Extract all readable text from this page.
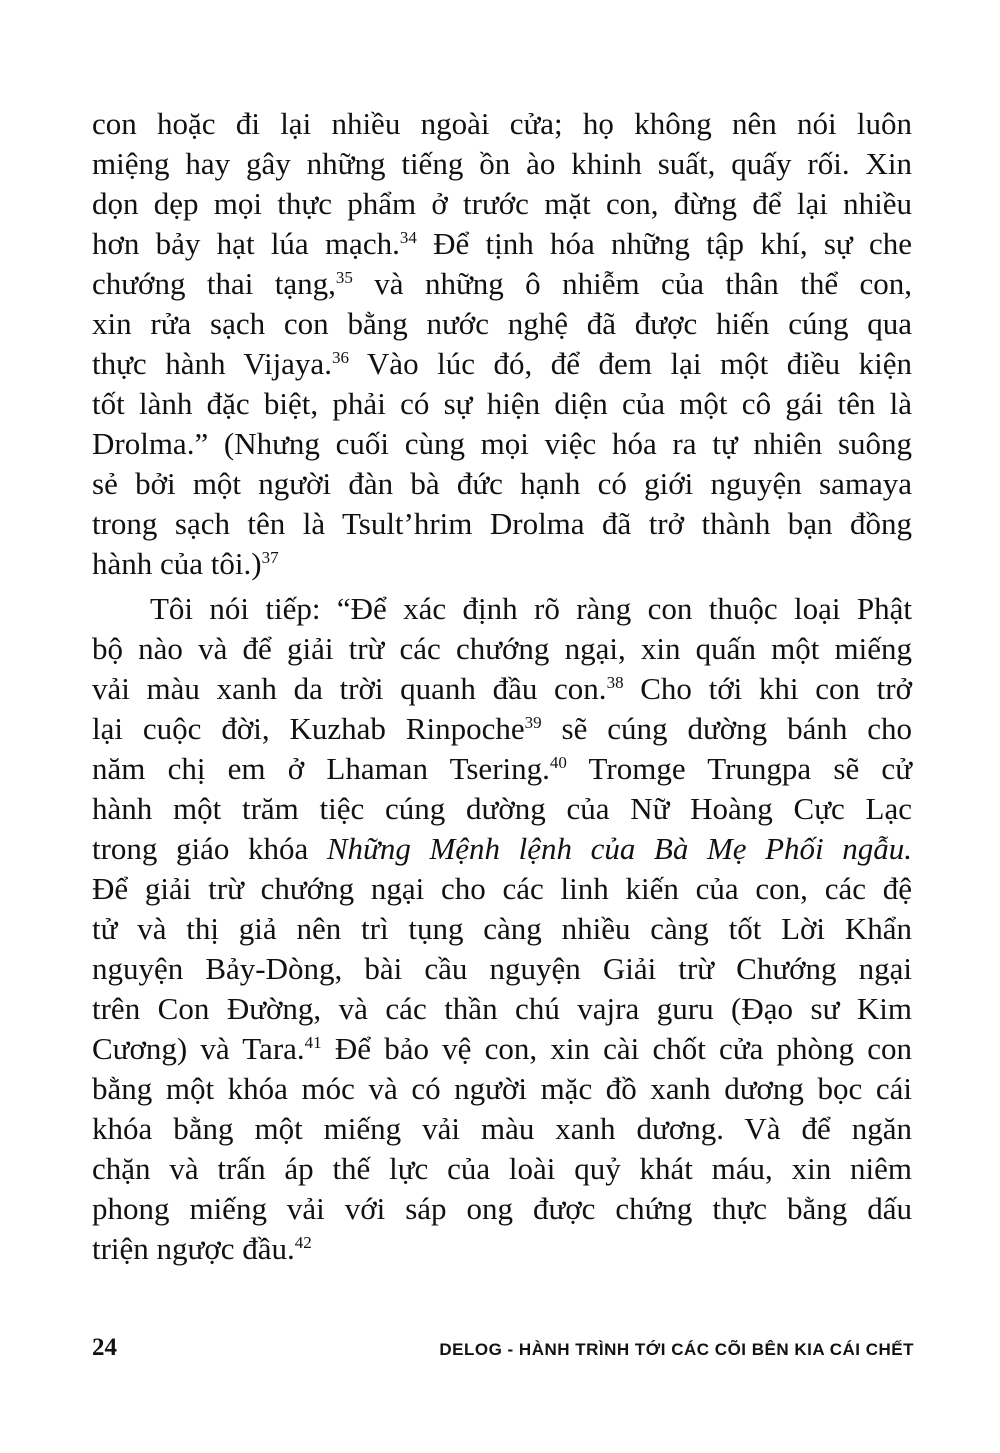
con hoặc đi lại nhiều ngoài cửa; họ không nên nói luôn
miệng hay gây những tiếng ồn ào khinh suất, quấy rối. Xin
dọn dẹp mọi thực phẩm ở trước mặt con, đừng để lại nhiều
hơn bảy hạt lúa mạch.$^{34}$ Để tịnh hóa những tập khí, sự che
chướng thai tạng,$^{35}$ và những ô nhiễm của thân thể con,
xin rửa sạch con bằng nước nghệ đã được hiến cúng qua
thực hành Vijaya.$^{36}$ Vào lúc đó, để đem lại một điều kiện
tốt lành đặc biệt, phải có sự hiện diện của một cô gái tên là
Drolma.” (Nhưng cuối cùng mọi việc hóa ra tự nhiên suông
sẻ bởi một người đàn bà đức hạnh có giới nguyện samaya
trong sạch tên là Tsult’hrim Drolma đã trở thành bạn đồng
hành của tôi.)$^{37}$
Tôi nói tiếp: “Để xác định rõ ràng con thuộc loại Phật
bộ nào và để giải trừ các chướng ngại, xin quấn một miếng
vải màu xanh da trời quanh đầu con.$^{38}$ Cho tới khi con trở
lại cuộc đời, Kuzhab Rinpoche$^{39}$ sẽ cúng dường bánh cho
năm chị em ở Lhaman Tsering.$^{40}$ Tromge Trungpa sẽ cử
hành một trăm tiệc cúng dường của Nữ Hoàng Cực Lạc
trong giáo khóa Những Mệnh lệnh của Bà Mẹ Phối ngẫu.
Để giải trừ chướng ngại cho các linh kiến của con, các đệ
tử và thị giả nên trì tụng càng nhiều càng tốt Lời Khẩn
nguyện Bảy-Dòng, bài cầu nguyện Giải trừ Chướng ngại
trên Con Đường, và các thần chú vajra guru (Đạo sư Kim
Cương) và Tara.$^{41}$ Để bảo vệ con, xin cài chốt cửa phòng con
bằng một khóa móc và có người mặc đồ xanh dương bọc cái
khóa bằng một miếng vải màu xanh dương. Và để ngăn
chặn và trấn áp thế lực của loài quỷ khát máu, xin niêm
phong miếng vải với sáp ong được chứng thực bằng dấu
triện ngược đầu.$^{42}$
24	DELOG - HÀNH TRÌNH TỚI CÁC CÕI BÊN KIA CÁI CHẾT
